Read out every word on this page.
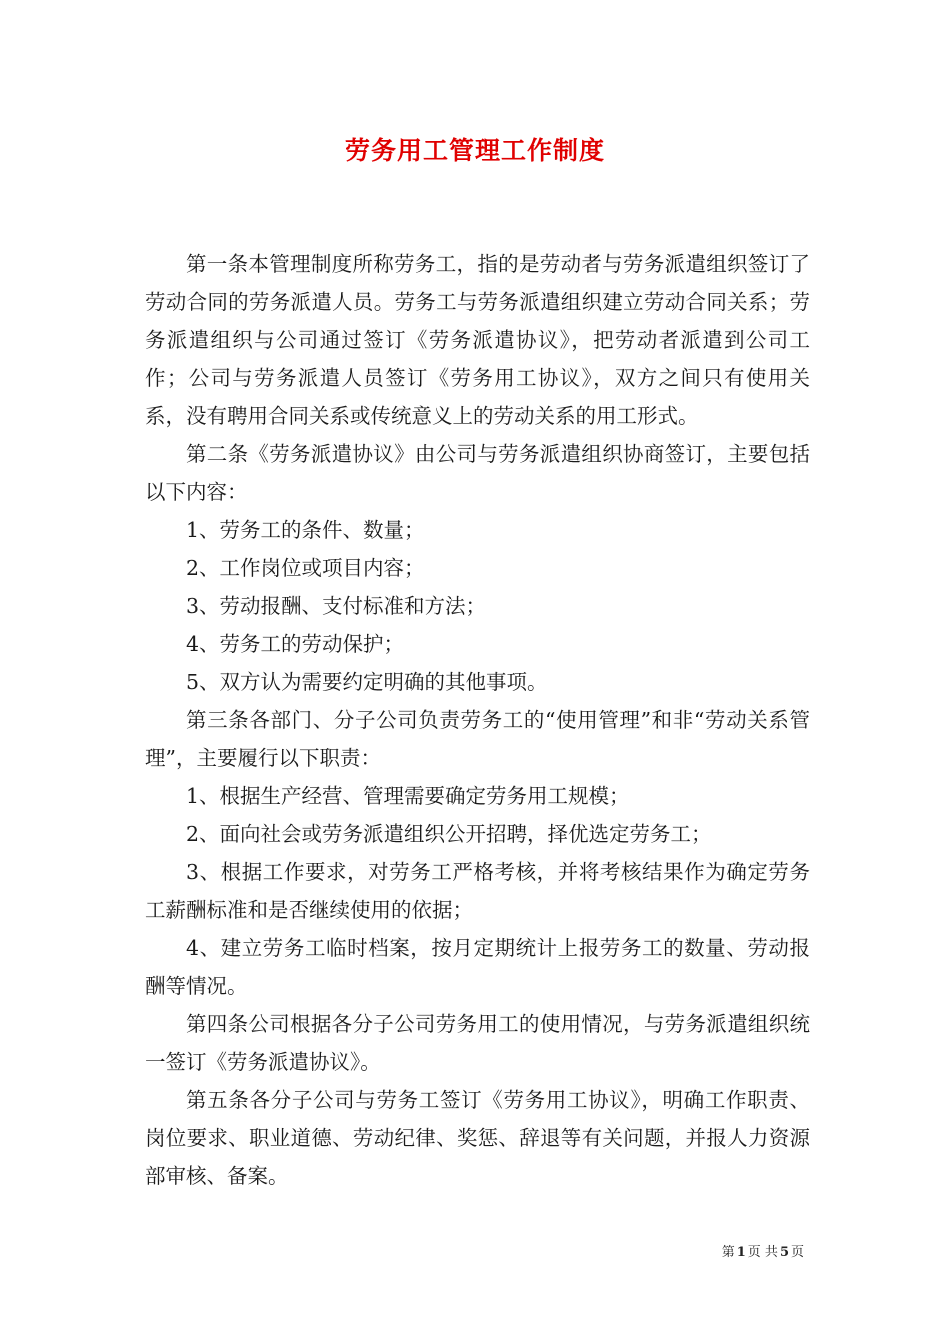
劳务用工管理工作制度

第一条本管理制度所称劳务工，指的是劳动者与劳务派遣组织签订了劳动合同的劳务派遣人员。劳务工与劳务派遣组织建立劳动合同关系；劳务派遣组织与公司通过签订《劳务派遣协议》，把劳动者派遣到公司工作；公司与劳务派遣人员签订《劳务用工协议》，双方之间只有使用关系，没有聘用合同关系或传统意义上的劳动关系的用工形式。

第二条《劳务派遣协议》由公司与劳务派遣组织协商签订，主要包括以下内容：

1、劳务工的条件、数量；

2、工作岗位或项目内容；

3、劳动报酬、支付标准和方法；

4、劳务工的劳动保护；

5、双方认为需要约定明确的其他事项。

第三条各部门、分子公司负责劳务工的“使用管理”和非“劳动关系管理”，主要履行以下职责：

1、根据生产经营、管理需要确定劳务用工规模；

2、面向社会或劳务派遣组织公开招聘，择优选定劳务工；

3、根据工作要求，对劳务工严格考核，并将考核结果作为确定劳务工薪酬标准和是否继续使用的依据；

4、建立劳务工临时档案，按月定期统计上报劳务工的数量、劳动报酬等情况。

第四条公司根据各分子公司劳务用工的使用情况，与劳务派遣组织统一签订《劳务派遣协议》。

第五条各分子公司与劳务工签订《劳务用工协议》，明确工作职责、岗位要求、职业道德、劳动纪律、奖惩、辞退等有关问题，并报人力资源部审核、备案。

第 1 页 共 5 页
